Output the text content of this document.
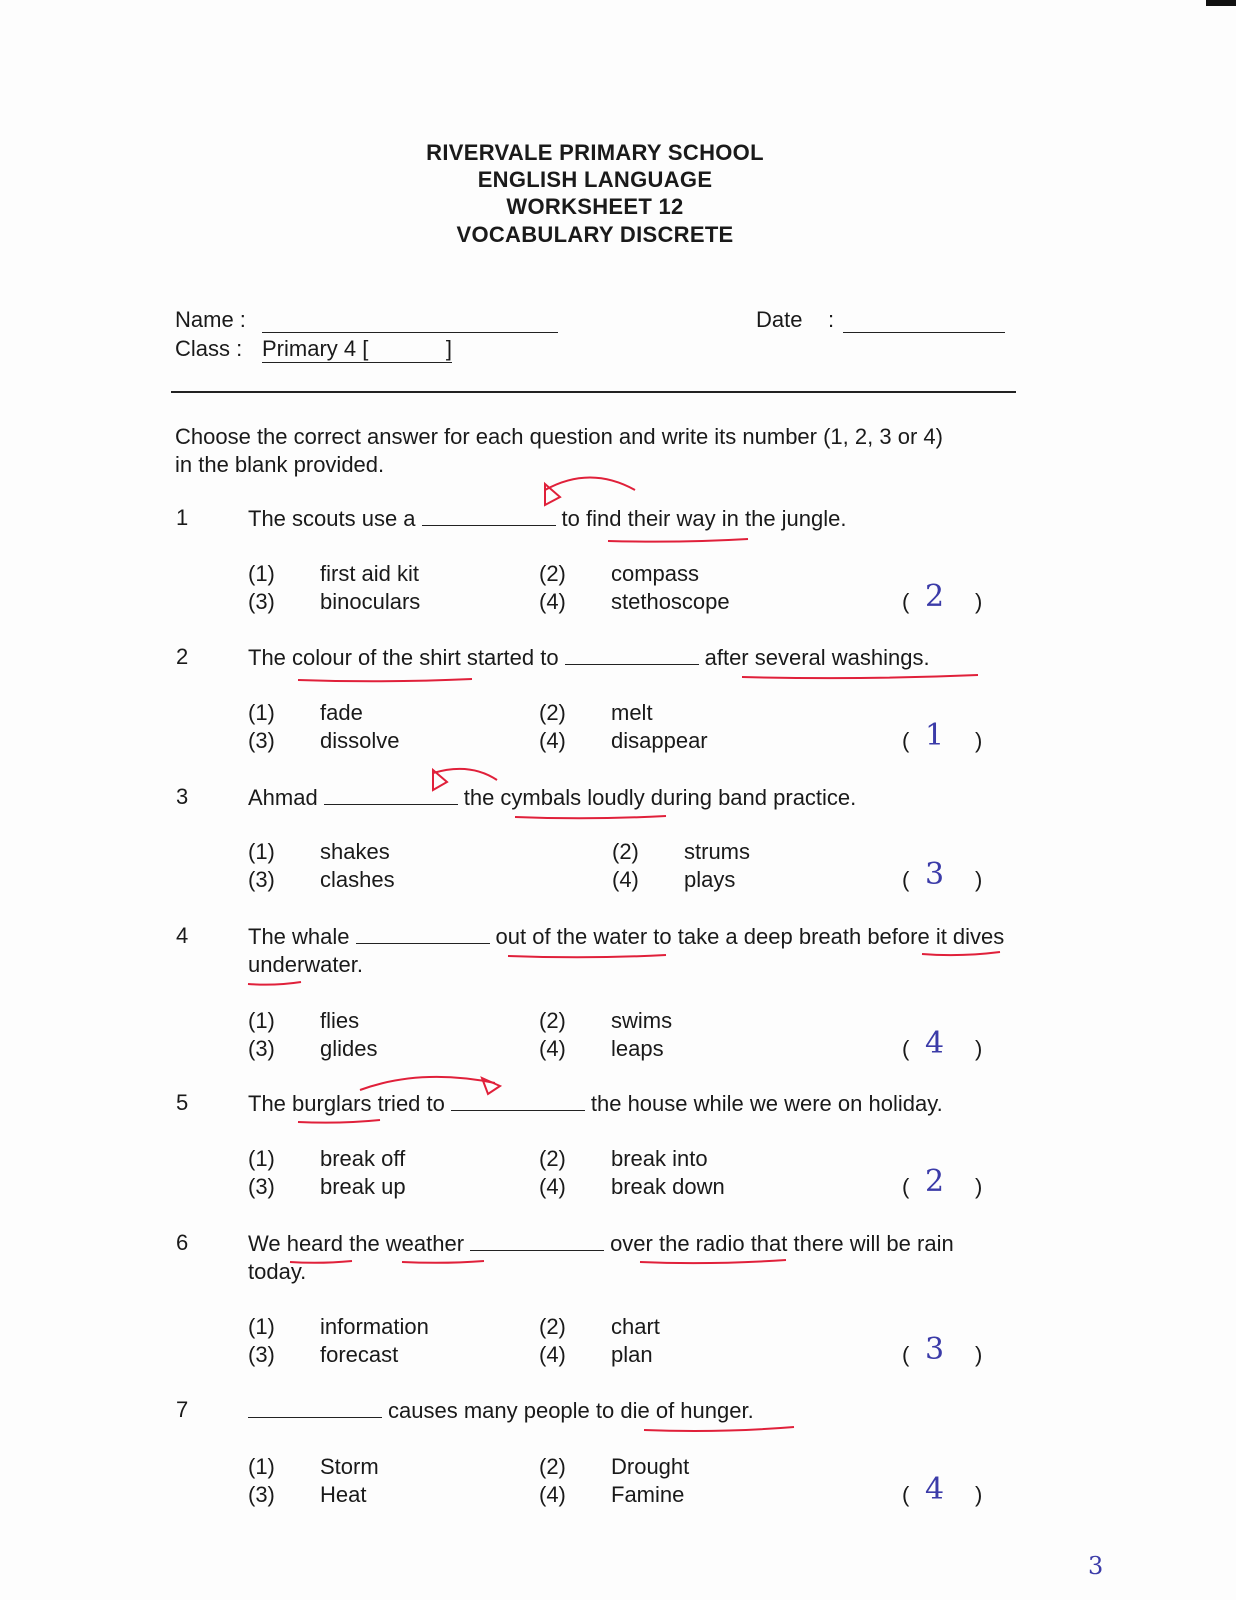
RIVERVALE PRIMARY SCHOOL
ENGLISH LANGUAGE
WORKSHEET 12
VOCABULARY DISCRETE
Name :
Class : Primary 4 [	]
Date :
Choose the correct answer for each question and write its number (1, 2, 3 or 4)
in the blank provided.
1	The scouts use a	to find their way in the jungle.
(1) first aid kit	(2) compass
(3) binoculars	(4) stethoscope	( 2 )
2	The colour of the shirt started to	after several washings.
(1) fade	(2) melt
(3) dissolve	(4) disappear	( 1 )
3	Ahmad	the cymbals loudly during band practice.
(1) shakes	(2) strums
(3) clashes	(4) plays	( 3 )
4	The whale	out of the water to take a deep breath before it dives underwater.
(1) flies	(2) swims
(3) glides	(4) leaps	( 4 )
5	The burglars tried to	the house while we were on holiday.
(1) break off	(2) break into
(3) break up	(4) break down	( 2 )
6	We heard the weather	over the radio that there will be rain today.
(1) information	(2) chart
(3) forecast	(4) plan	( 3 )
7	causes many people to die of hunger.
(1) Storm	(2) Drought
(3) Heat	(4) Famine	( 4 )
3
